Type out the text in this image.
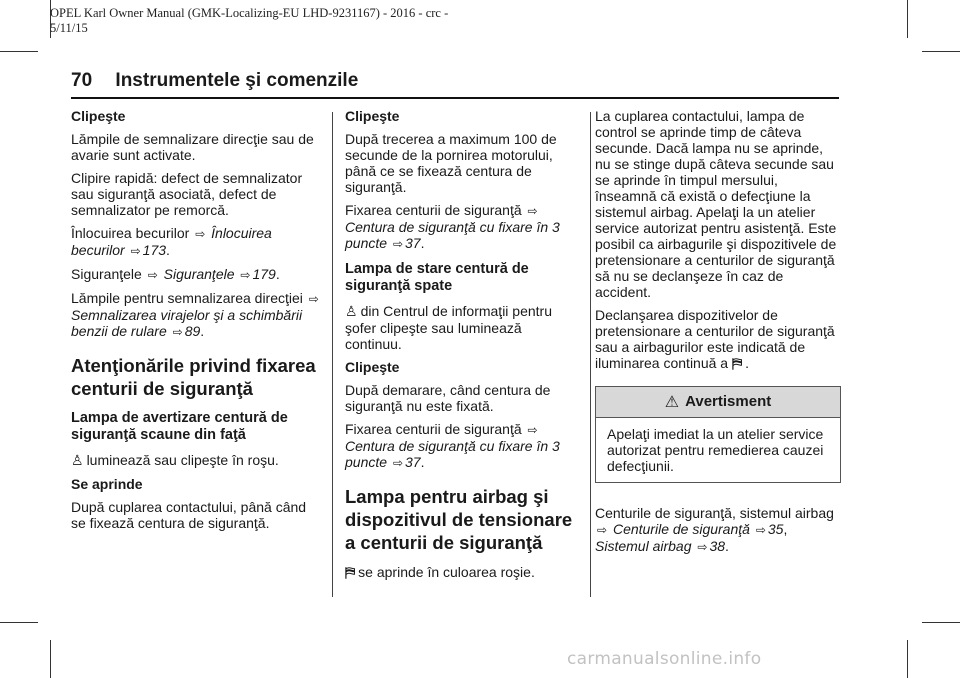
OPEL Karl Owner Manual (GMK-Localizing-EU LHD-9231167) - 2016 - crc -
5/11/15
70 Instrumentele şi comenzile

Clipeşte

Lămpile de semnalizare direcţie sau de avarie sunt activate.

Clipire rapidă: defect de semnalizator sau siguranţă asociată, defect de semnalizator pe remorcă.

Înlocuirea becurilor ⇨ Înlocuirea becurilor ⇨ 173.

Siguranţele ⇨ Siguranţele ⇨ 179.

Lămpile pentru semnalizarea direcţiei ⇨ Semnalizarea virajelor şi a schimbării benzii de rulare ⇨ 89.

Atenţionările privind fixarea centurii de siguranţă
Lampa de avertizare centură de siguranţă scaune din faţă

♙ luminează sau clipeşte în roşu.

Se aprinde

După cuplarea contactului, până când se fixează centura de siguranţă.

Clipeşte

După trecerea a maximum 100 de secunde de la pornirea motorului, până ce se fixează centura de siguranţă.

Fixarea centurii de siguranţă ⇨ Centura de siguranţă cu fixare în 3 puncte ⇨ 37.

Lampa de stare centură de siguranţă spate

♙ din Centrul de informaţii pentru şofer clipeşte sau luminează continuu.

Clipeşte

După demarare, când centura de siguranţă nu este fixată.

Fixarea centurii de siguranţă ⇨ Centura de siguranţă cu fixare în 3 puncte ⇨ 37.

Lampa pentru airbag şi dispozitivul de tensionare a centurii de siguranţă

⛿ se aprinde în culoarea roşie.

La cuplarea contactului, lampa de control se aprinde timp de câteva secunde. Dacă lampa nu se aprinde, nu se stinge după câteva secunde sau se aprinde în timpul mersului, înseamnă că există o defecţiune la sistemul airbag. Apelaţi la un atelier service autorizat pentru asistenţă. Este posibil ca airbagurile şi dispozitivele de pretensionare a centurilor de siguranţă să nu se declanşeze în caz de accident.

Declanşarea dispozitivelor de pretensionare a centurilor de siguranţă sau a airbagurilor este indicată de iluminarea continuă a ⛿ .

⚠ Avertisment
Apelaţi imediat la un atelier service autorizat pentru remedierea cauzei defecţiunii.

Centurile de siguranţă, sistemul airbag ⇨ Centurile de siguranţă ⇨ 35, Sistemul airbag ⇨ 38.

carmanualsonline.info
